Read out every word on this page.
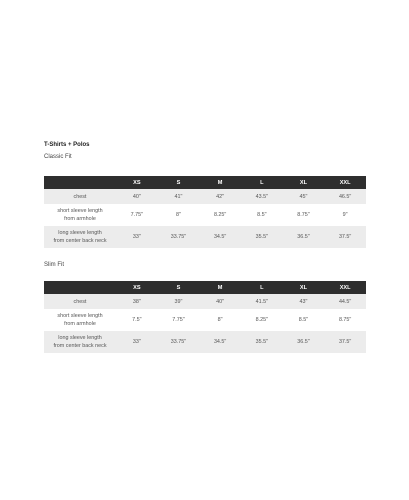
T-Shirts + Polos
Classic Fit
	XS	S	M	L	XL	XXL

chest	40"	41"	42"	43.5"	45"	46.5"

short sleeve length
from armhole	7.75"	8"	8.25"	8.5"	8.75"	9"

long sleeve length
from center back neck	33"	33.75"	34.5"	35.5"	36.5"	37.5"
Slim Fit
	XS	S	M	L	XL	XXL

chest	38"	39"	40"	41.5"	43"	44.5"

short sleeve length
from armhole	7.5"	7.75"	8"	8.25"	8.5"	8.75"

long sleeve length
from center back neck	33"	33.75"	34.5"	35.5"	36.5"	37.5"
